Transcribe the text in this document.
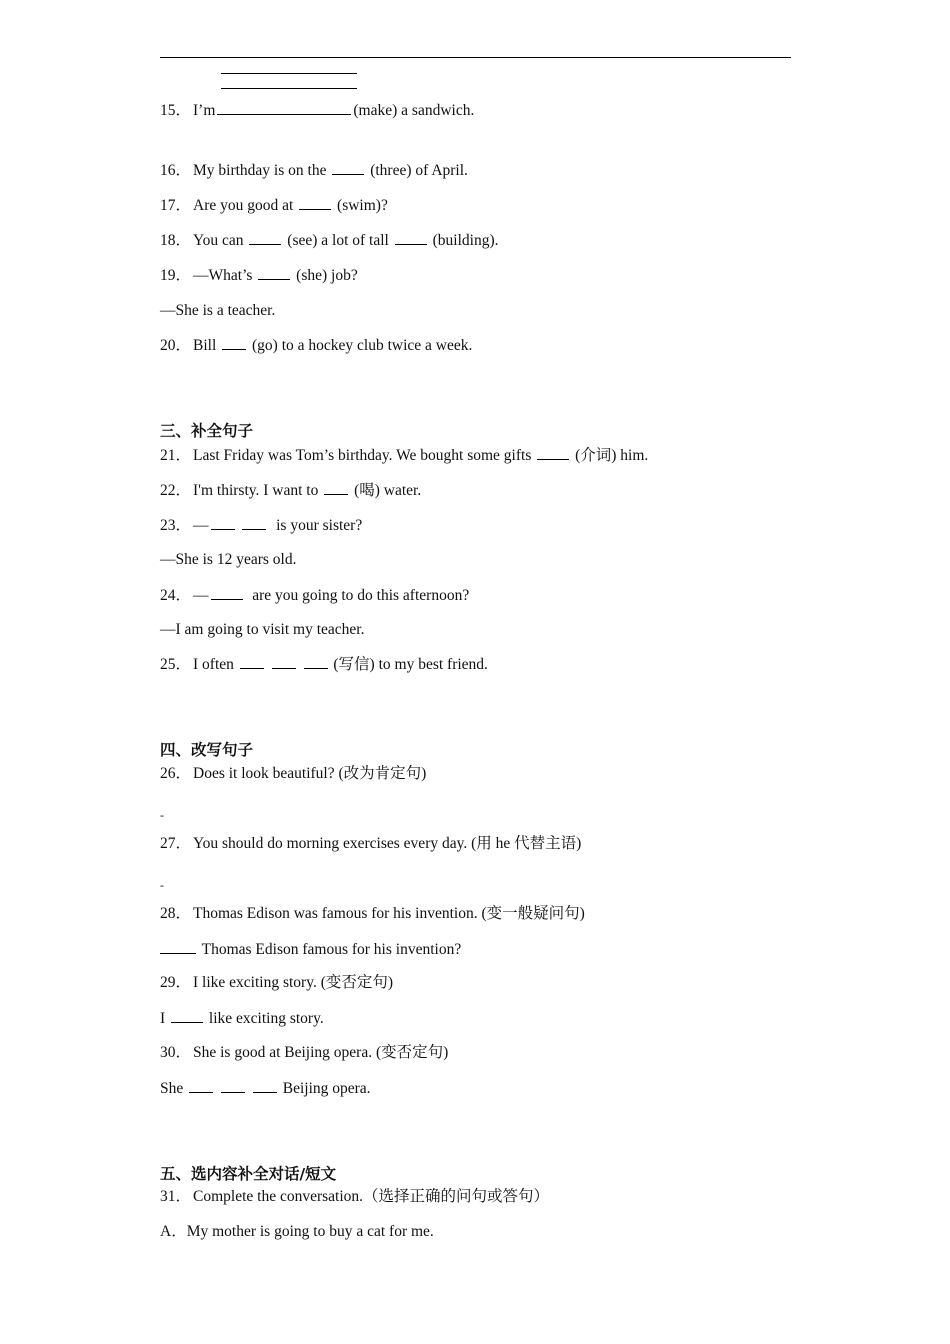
15． I’m	(make) a sandwich.
16． My birthday is on the	(three) of April.
17． Are you good at	(swim)?
18． You can	(see) a lot of tall	(building).
19． —What’s	(she) job?
—She is a teacher.
20． Bill (go) to a hockey club twice a week.
三、补全句子
21． Last Friday was Tom’s birthday. We bought some gifts	(介词) him.
22． I'm thirsty. I want to (喝) water.
23． —	is your sister?
—She is 12 years old.
24． —	are you going to do this afternoon?
—I am going to visit my teacher.
25． I often	(写信) to my best friend.
四、改写句子
26． Does it look beautiful? (改为肯定句)
-
27． You should do morning exercises every day. (用 he 代替主语)
-
28． Thomas Edison was famous for his invention. (变一般疑问句)
Thomas Edison famous for his invention?
29． I like exciting story. (变否定句)
I	like exciting story.
30． She is good at Beijing opera. (变否定句)
She	Beijing opera.
五、选内容补全对话/短文
31． Complete the conversation.（选择正确的问句或答句）
A．My mother is going to buy a cat for me.
